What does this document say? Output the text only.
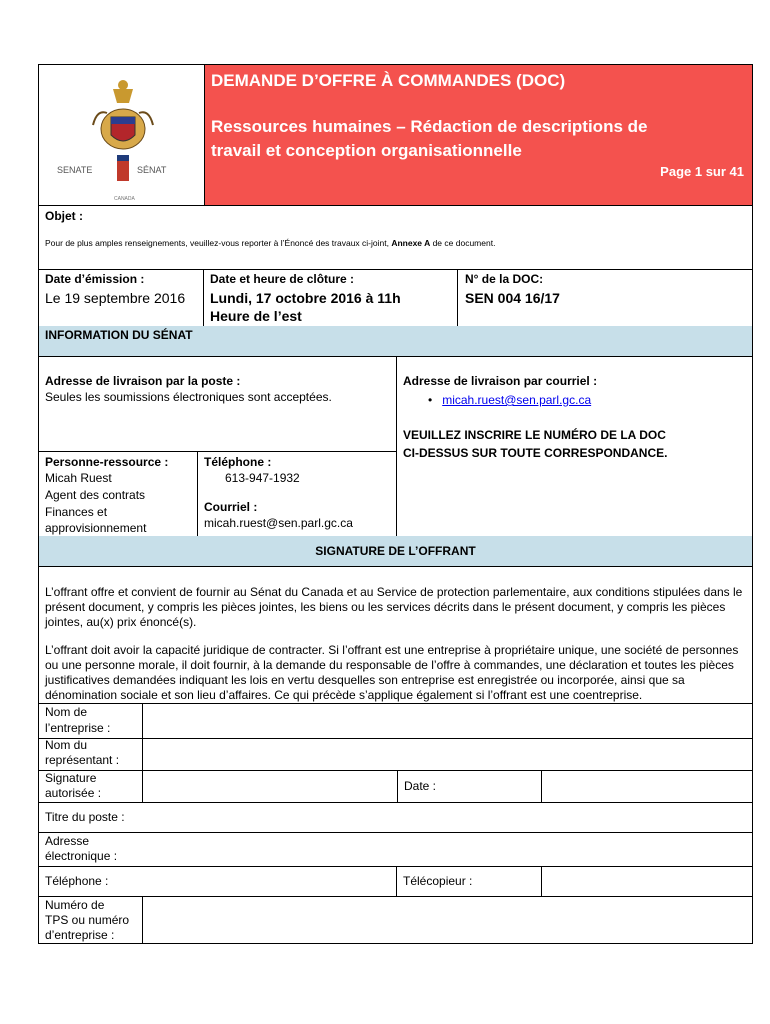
SENATE	SÉNAT
CANADA
DEMANDE D’OFFRE À COMMANDES (DOC)
Ressources humaines – Rédaction de descriptions de
travail et conception organisationnelle
Page 1 sur 41
Objet :
Pour de plus amples renseignements, veuillez-vous reporter à l’Énoncé des travaux ci-joint, Annexe A de ce document.
Date d’émission :
Le 19 septembre 2016
Date et heure de clôture :
Lundi, 17 octobre 2016 à 11h
Heure de l’est
N° de la DOC:
SEN 004 16/17
INFORMATION DU SÉNAT
Adresse de livraison par la poste :
Seules les soumissions électroniques sont acceptées.
Adresse de livraison par courriel :
•   micah.ruest@sen.parl.gc.ca
VEUILLEZ INSCRIRE LE NUMÉRO DE LA DOC
CI-DESSUS SUR TOUTE CORRESPONDANCE.
Personne-ressource :
Micah Ruest
Agent des contrats
Finances et
approvisionnement
Téléphone :
613-947-1932
Courriel :
micah.ruest@sen.parl.gc.ca
SIGNATURE DE L’OFFRANT
L’offrant offre et convient de fournir au Sénat du Canada et au Service de protection parlementaire, aux conditions stipulées dans le présent document, y compris les pièces jointes, les biens ou les services décrits dans le présent document, y compris les pièces jointes, au(x) prix énoncé(s).
L’offrant doit avoir la capacité juridique de contracter. Si l’offrant est une entreprise à propriétaire unique, une société de personnes ou une personne morale, il doit fournir, à la demande du responsable de l’offre à commandes, une déclaration et toutes les pièces justificatives demandées indiquant les lois en vertu desquelles son entreprise est enregistrée ou incorporée, ainsi que sa dénomination sociale et son lieu d’affaires. Ce qui précède s’applique également si l’offrant est une coentreprise.
Nom de
l’entreprise :
Nom du
représentant :
Signature
autorisée :	Date :
Titre du poste :
Adresse
électronique :
Téléphone :	Télécopieur :
Numéro de
TPS ou numéro
d’entreprise :
